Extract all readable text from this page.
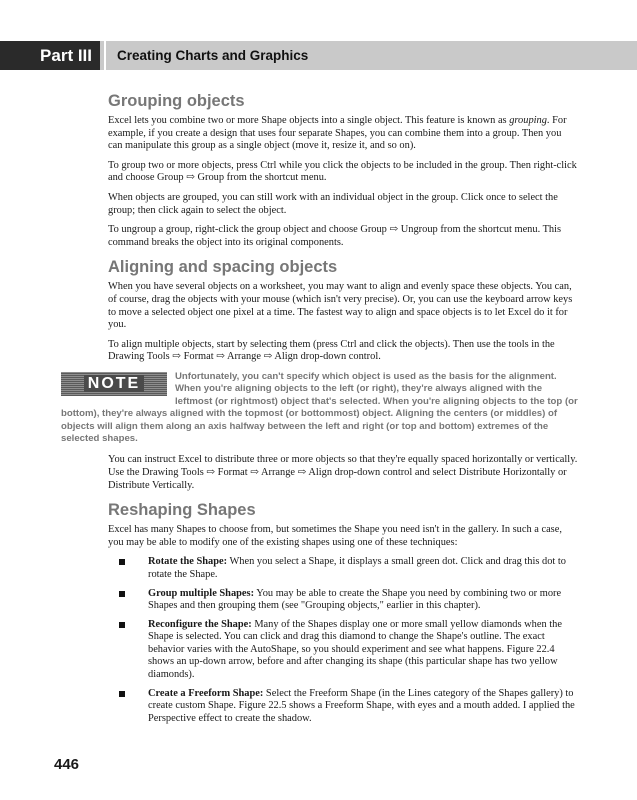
Part III	Creating Charts and Graphics
Grouping objects

Excel lets you combine two or more Shape objects into a single object. This feature is known as grouping. For example, if you create a design that uses four separate Shapes, you can combine them into a group. Then you can manipulate this group as a single object (move it, resize it, and so on).

To group two or more objects, press Ctrl while you click the objects to be included in the group. Then right-click and choose Group ⇨ Group from the shortcut menu.

When objects are grouped, you can still work with an individual object in the group. Click once to select the group; then click again to select the object.

To ungroup a group, right-click the group object and choose Group ⇨ Ungroup from the shortcut menu. This command breaks the object into its original components.

Aligning and spacing objects

When you have several objects on a worksheet, you may want to align and evenly space these objects. You can, of course, drag the objects with your mouse (which isn't very precise). Or, you can use the keyboard arrow keys to move a selected object one pixel at a time. The fastest way to align and space objects is to let Excel do it for you.

To align multiple objects, start by selecting them (press Ctrl and click the objects). Then use the tools in the Drawing Tools ⇨ Format ⇨ Arrange ⇨ Align drop-down control.

NOTE	Unfortunately, you can't specify which object is used as the basis for the alignment. When you're aligning objects to the left (or right), they're always aligned with the leftmost (or rightmost) object that's selected. When you're aligning objects to the top (or bottom), they're always aligned with the topmost (or bottommost) object. Aligning the centers (or middles) of objects will align them along an axis halfway between the left and right (or top and bottom) extremes of the selected shapes.

You can instruct Excel to distribute three or more objects so that they're equally spaced horizontally or vertically. Use the Drawing Tools ⇨ Format ⇨ Arrange ⇨ Align drop-down control and select Distribute Horizontally or Distribute Vertically.

Reshaping Shapes

Excel has many Shapes to choose from, but sometimes the Shape you need isn't in the gallery. In such a case, you may be able to modify one of the existing shapes using one of these techniques:

Rotate the Shape: When you select a Shape, it displays a small green dot. Click and drag this dot to rotate the Shape.
Group multiple Shapes: You may be able to create the Shape you need by combining two or more Shapes and then grouping them (see "Grouping objects," earlier in this chapter).
Reconfigure the Shape: Many of the Shapes display one or more small yellow diamonds when the Shape is selected. You can click and drag this diamond to change the Shape's outline. The exact behavior varies with the AutoShape, so you should experiment and see what happens. Figure 22.4 shows an up-down arrow, before and after changing its shape (this particular shape has two yellow diamonds).
Create a Freeform Shape: Select the Freeform Shape (in the Lines category of the Shapes gallery) to create custom Shape. Figure 22.5 shows a Freeform Shape, with eyes and a mouth added. I applied the Perspective effect to create the shadow.
446
